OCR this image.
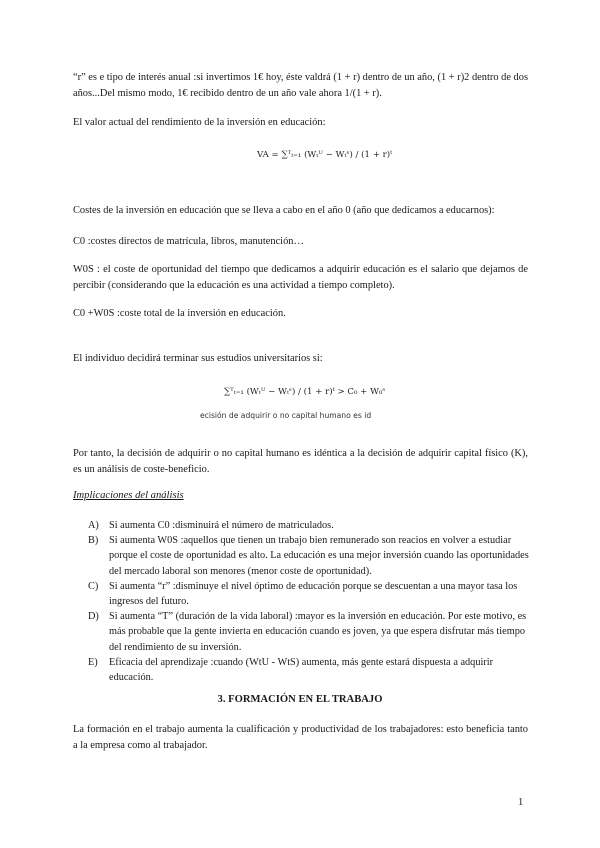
“r” es e tipo de interés anual :si invertimos 1€ hoy, éste valdrá (1 + r) dentro de un año, (1 + r)2 dentro de dos años...Del mismo modo, 1€ recibido dentro de un año vale ahora 1/(1 + r).

El valor actual del rendimiento de la inversión en educación:

VA = ∑ᵀₜ₌₁ (Wₜᵁ − Wₜˢ) / (1 + r)ᵗ

Costes de la inversión en educación que se lleva a cabo en el año 0 (año que dedicamos a educarnos):

C0 :costes directos de matrícula, libros, manutención…

W0S : el coste de oportunidad del tiempo que dedicamos a adquirir educación es el salario que dejamos de percibir (considerando que la educación es una actividad a tiempo completo).

C0 +W0S :coste total de la inversión en educación.

El individuo decidirá terminar sus estudios universitarios si:

∑ᵀₜ₌₁ (Wₜᵁ − Wₜˢ) / (1 + r)ᵗ > C₀ + W₀ˢ
ecisión de adquirir o no capital humano es id

Por tanto, la decisión de adquirir o no capital humano es idéntica a la decisión de adquirir capital físico (K), es un análisis de coste-beneficio.

Implicaciones del análisis
A) Si aumenta C0 :disminuirá el número de matriculados.
B) Si aumenta W0S :aquellos que tienen un trabajo bien remunerado son reacios en volver a estudiar porque el coste de oportunidad es alto. La educación es una mejor inversión cuando las oportunidades del mercado laboral son menores (menor coste de oportunidad).
C) Si aumenta “r” :disminuye el nivel óptimo de educación porque se descuentan a una mayor tasa los ingresos del futuro.
D) Si aumenta “T” (duración de la vida laboral) :mayor es la inversión en educación. Por este motivo, es más probable que la gente invierta en educación cuando es joven, ya que espera disfrutar más tiempo del rendimiento de su inversión.
E) Eficacia del aprendizaje :cuando (WtU - WtS) aumenta, más gente estará dispuesta a adquirir educación.
3. FORMACIÓN EN EL TRABAJO

La formación en el trabajo aumenta la cualificación y productividad de los trabajadores: esto beneficia tanto a la empresa como al trabajador.

1
